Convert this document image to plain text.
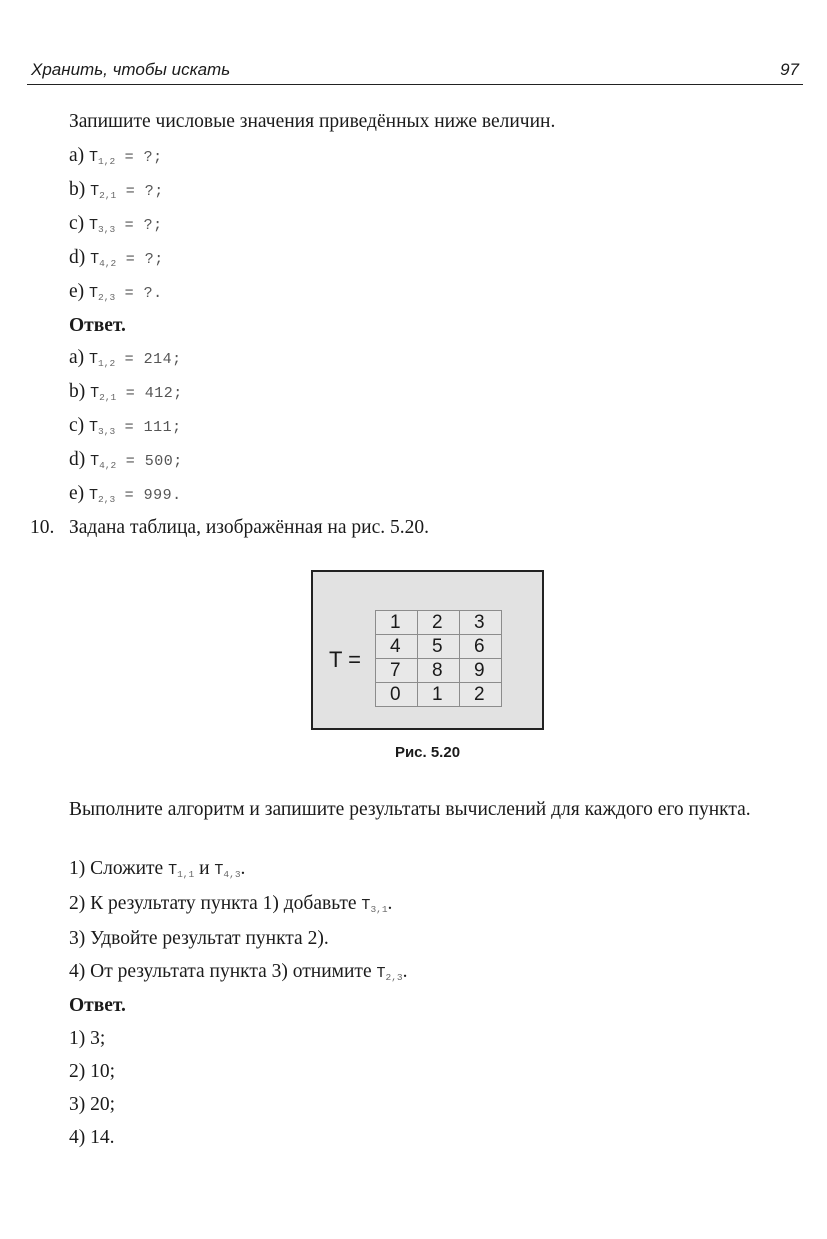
Хранить, чтобы искать	97
Запишите числовые значения приведённых ниже величин.
a) $T_{1,2}$ = ?;
b) $T_{2,1}$ = ?;
c) $T_{3,3}$ = ?;
d) $T_{4,2}$ = ?;
e) $T_{2,3}$ = ?.
Ответ.
a) $T_{1,2} = 214$;
b) $T_{2,1} = 412$;
c) $T_{3,3} = 111$;
d) $T_{4,2} = 500$;
e) $T_{2,3} = 999$.
10. Задана таблица, изображённая на рис. 5.20.
T =
1	2	3
4	5	6
7	8	9
0	1	2
Рис. 5.20
Выполните алгоритм и запишите результаты вычислений для каждого его пункта.
1) Сложите $T_{1,1}$ и $T_{4,3}$.
2) К результату пункта 1) добавьте $T_{3,1}$.
3) Удвойте результат пункта 2).
4) От результата пункта 3) отнимите $T_{2,3}$.
Ответ.
1) 3;
2) 10;
3) 20;
4) 14.
